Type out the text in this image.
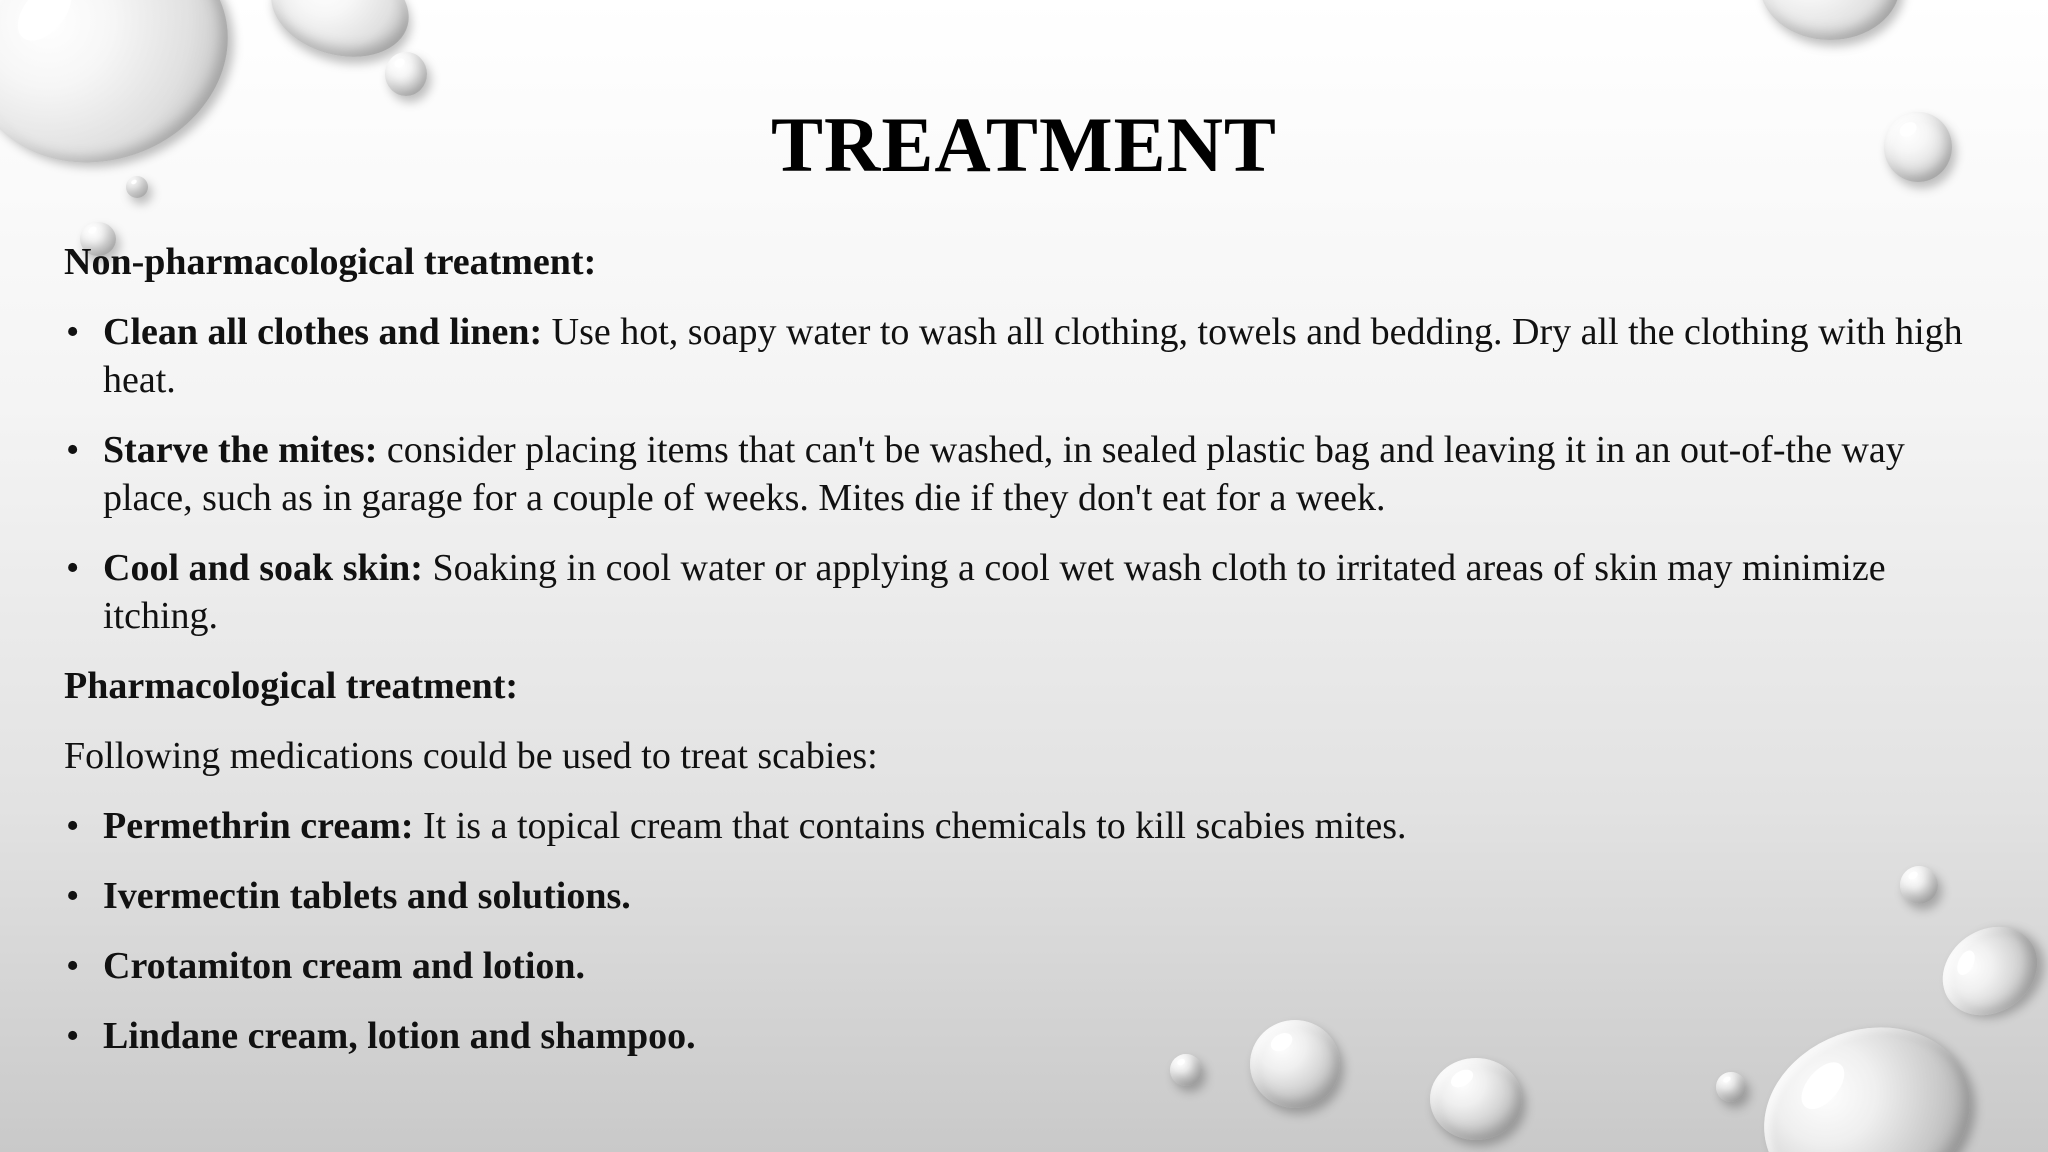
TREATMENT
Non-pharmacological treatment:
• Clean all clothes and linen: Use hot, soapy water to wash all clothing, towels and bedding. Dry all the clothing with high heat.
• Starve the mites: consider placing items that can't be washed, in sealed plastic bag and leaving it in an out-of-the way place, such as in garage for a couple of weeks. Mites die if they don't eat for a week.
• Cool and soak skin: Soaking in cool water or applying a cool wet wash cloth to irritated areas of skin may minimize itching.
Pharmacological treatment:
Following medications could be used to treat scabies:
• Permethrin cream: It is a topical cream that contains chemicals to kill scabies mites.
• Ivermectin tablets and solutions.
• Crotamiton cream and lotion.
• Lindane cream, lotion and shampoo.
